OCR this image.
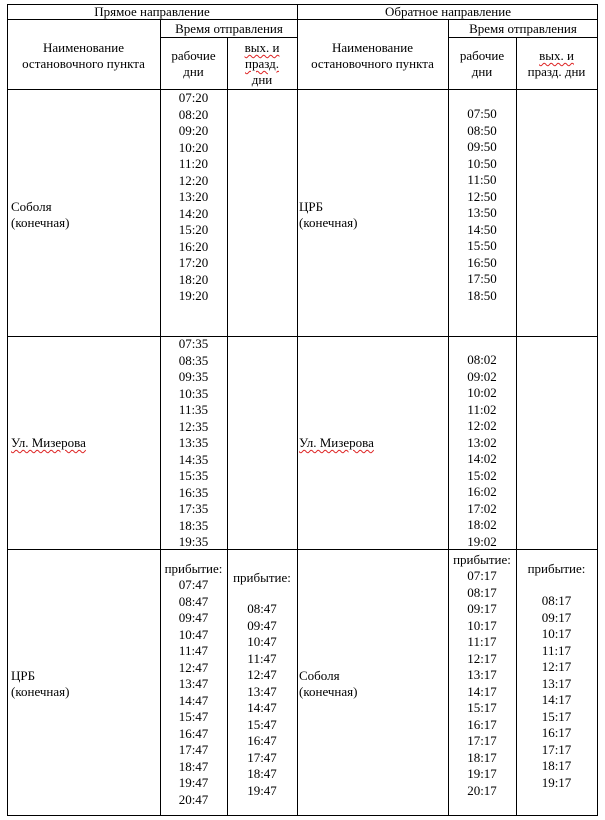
Прямое направление	Обратное направление
Время отправления	Время отправления
Наименование
остановочного пункта
Наименование
остановочного пункта
рабочие
дни
рабочие
дни
вых. и
празд.
дни
вых. и
празд. дни
Соболя
(конечная)
07:20
08:20
09:20
10:20
11:20
12:20
13:20
14:20
15:20
16:20
17:20
18:20
19:20
ЦРБ
(конечная)
07:50
08:50
09:50
10:50
11:50
12:50
13:50
14:50
15:50
16:50
17:50
18:50
Ул. Мизерова
07:35
08:35
09:35
10:35
11:35
12:35
13:35
14:35
15:35
16:35
17:35
18:35
19:35
Ул. Мизерова
08:02
09:02
10:02
11:02
12:02
13:02
14:02
15:02
16:02
17:02
18:02
19:02
ЦРБ
(конечная)
прибытие:
07:47
08:47
09:47
10:47
11:47
12:47
13:47
14:47
15:47
16:47
17:47
18:47
19:47
20:47
прибытие:
08:47
09:47
10:47
11:47
12:47
13:47
14:47
15:47
16:47
17:47
18:47
19:47
Соболя
(конечная)
прибытие:
07:17
08:17
09:17
10:17
11:17
12:17
13:17
14:17
15:17
16:17
17:17
18:17
19:17
20:17
прибытие:
08:17
09:17
10:17
11:17
12:17
13:17
14:17
15:17
16:17
17:17
18:17
19:17
